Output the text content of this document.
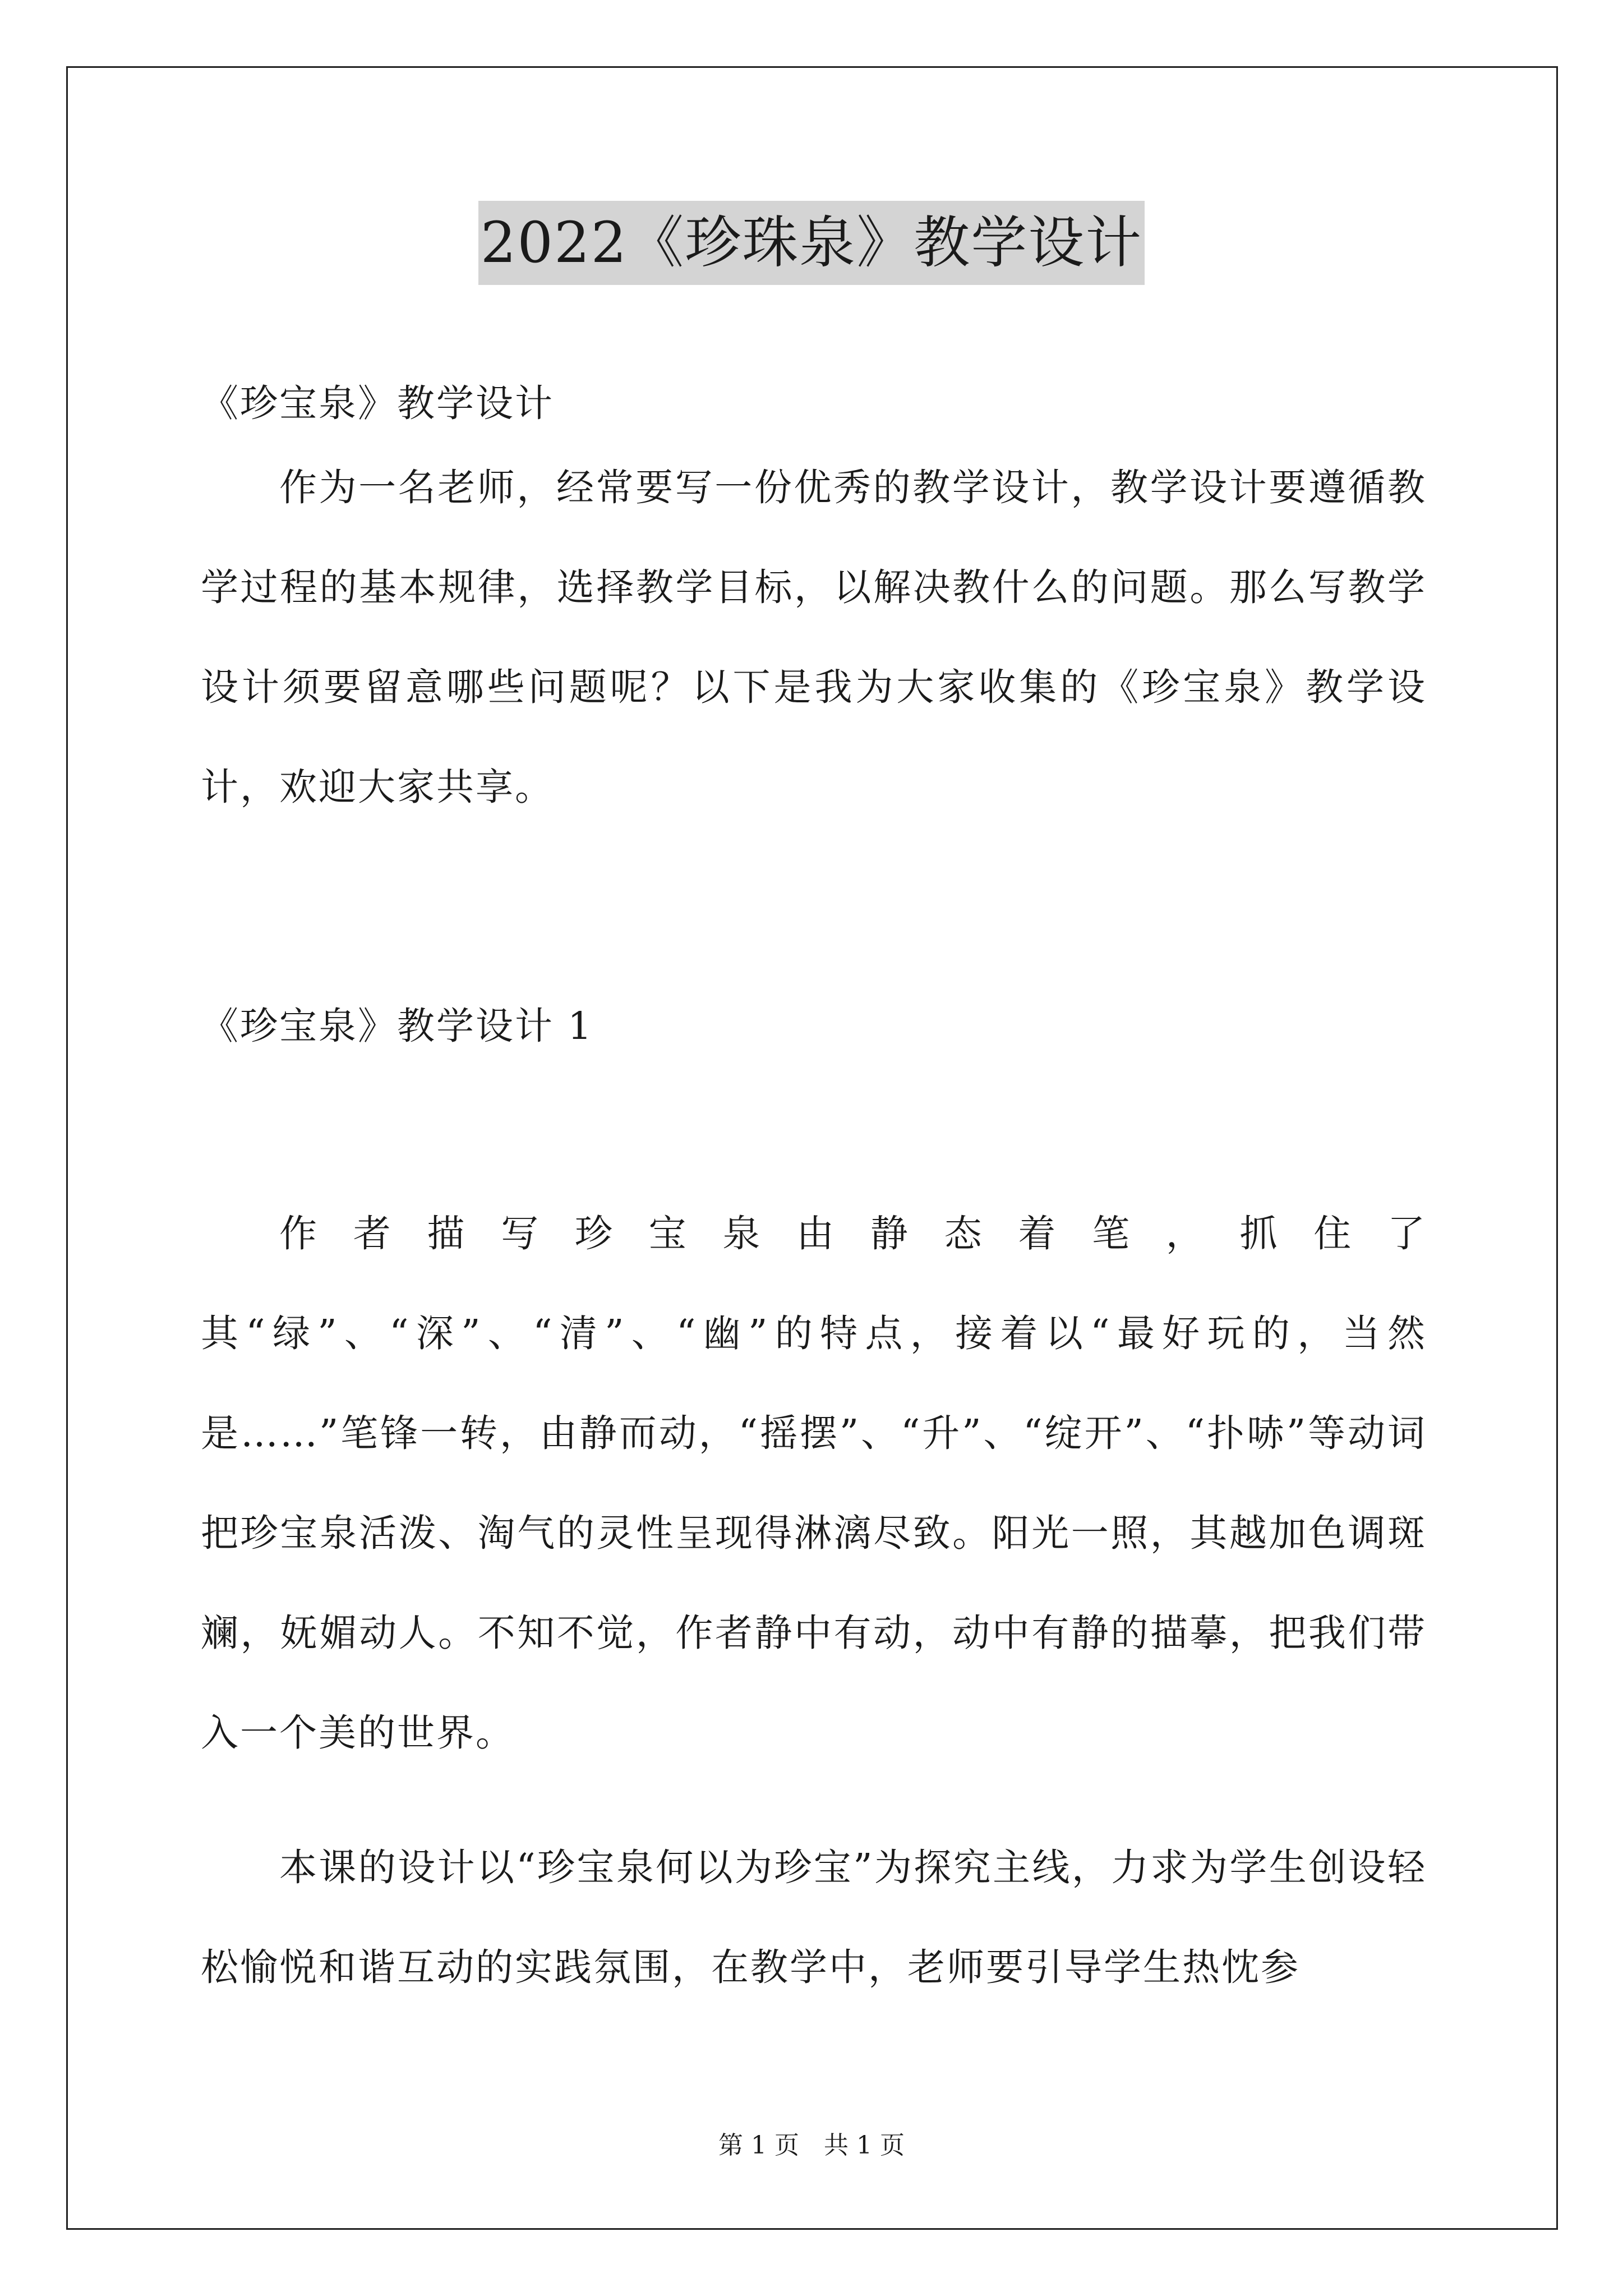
2022《珍珠泉》教学设计
《珍宝泉》教学设计
作为一名老师，经常要写一份优秀的教学设计，教学设计要遵循教学过程的基本规律，选择教学目标，以解决教什么的问题。那么写教学设计须要留意哪些问题呢？以下是我为大家收集的《珍宝泉》教学设计，欢迎大家共享。
《珍宝泉》教学设计 1
作者描写珍宝泉由静态着笔，抓住了其“绿”、“深”、“清”、“幽”的特点，接着以“最好玩的，当然是……”笔锋一转，由静而动，“摇摆”、“升”、“绽开”、“扑哧”等动词把珍宝泉活泼、淘气的灵性呈现得淋漓尽致。阳光一照，其越加色调斑斓，妩媚动人。不知不觉，作者静中有动，动中有静的描摹，把我们带入一个美的世界。
本课的设计以“珍宝泉何以为珍宝”为探究主线，力求为学生创设轻松愉悦和谐互动的实践氛围，在教学中，老师要引导学生热忱参
第 1 页 共 1 页
